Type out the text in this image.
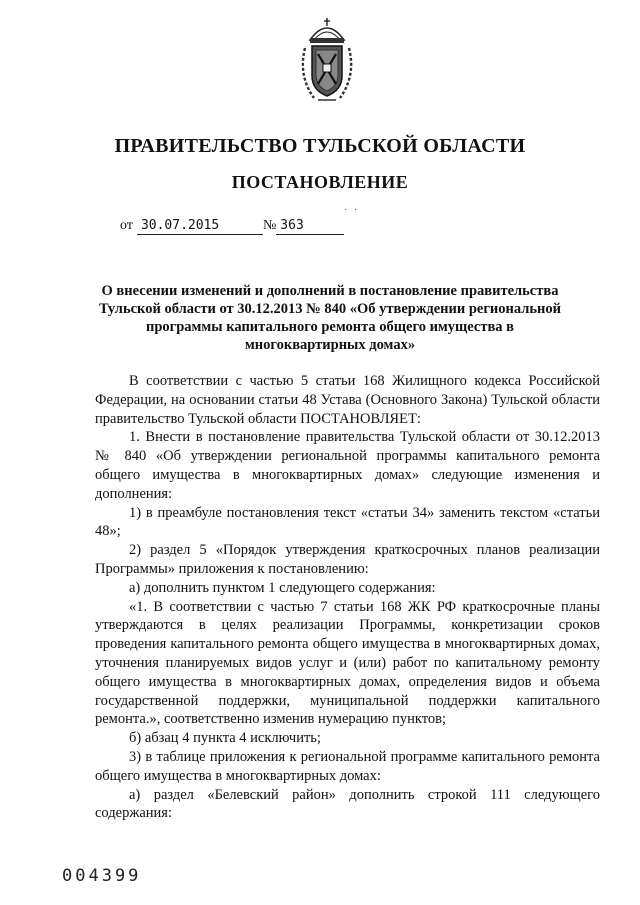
ПРАВИТЕЛЬСТВО ТУЛЬСКОЙ ОБЛАСТИ
ПОСТАНОВЛЕНИЕ
от 30.07.2015	№ 363
˙ ˙
О внесении изменений и дополнений в постановление правительства Тульской области от 30.12.2013 № 840 «Об утверждении региональной программы капитального ремонта общего имущества в многоквартирных домах»

В соответствии с частью 5 статьи 168 Жилищного кодекса Российской Федерации, на основании статьи 48 Устава (Основного Закона) Тульской области правительство Тульской области ПОСТАНОВЛЯЕТ:

1. Внести в постановление правительства Тульской области от 30.12.2013 № 840 «Об утверждении региональной программы капитального ремонта общего имущества в многоквартирных домах» следующие изменения и дополнения:

1) в преамбуле постановления текст «статьи 34» заменить текстом «статьи 48»;

2) раздел 5 «Порядок утверждения краткосрочных планов реализации Программы» приложения к постановлению:

а) дополнить пунктом 1 следующего содержания:

«1. В соответствии с частью 7 статьи 168 ЖК РФ краткосрочные планы утверждаются в целях реализации Программы, конкретизации сроков проведения капитального ремонта общего имущества в многоквартирных домах, уточнения планируемых видов услуг и (или) работ по капитальному ремонту общего имущества в многоквартирных домах, определения видов и объема государственной поддержки, муниципальной поддержки капитального ремонта.», соответственно изменив нумерацию пунктов;

б) абзац 4 пункта 4 исключить;

3) в таблице приложения к региональной программе капитального ремонта общего имущества в многоквартирных домах:

а) раздел «Белевский район» дополнить строкой 111 следующего содержания:

004399
